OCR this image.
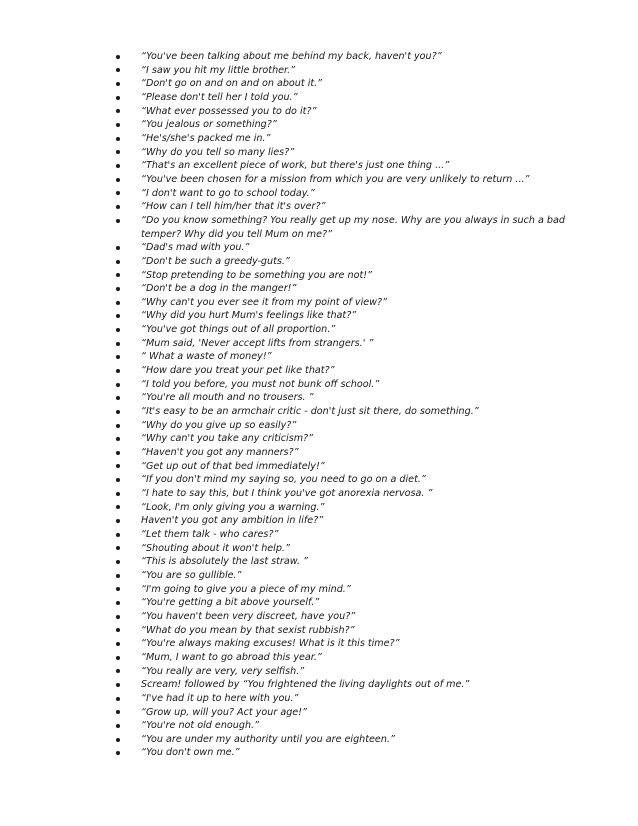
“You've been talking about me behind my back, haven't you?”
“I saw you hit my little brother.”
“Don't go on and on and on about it.”
“Please don't tell her I told you.”
“What ever possessed you to do it?”
“You jealous or something?”
“He's/she's packed me in.”
“Why do you tell so many lies?”
“That's an excellent piece of work, but there's just one thing ...”
“You've been chosen for a mission from which you are very unlikely to return ...”
“I don't want to go to school today.”
“How can I tell him/her that it's over?”
“Do you know something? You really get up my nose. Why are you always in such a bad temper? Why did you tell Mum on me?”
“Dad's mad with you.”
“Don't be such a greedy-guts.”
“Stop pretending to be something you are not!”
“Don't be a dog in the manger!”
“Why can't you ever see it from my point of view?”
“Why did you hurt Mum's feelings like that?”
“You've got things out of all proportion.”
“Mum said, 'Never accept lifts from strangers.' ”
“ What a waste of money!”
“How dare you treat your pet like that?”
“I told you before, you must not bunk off school.”
“You're all mouth and no trousers. ”
“It's easy to be an armchair critic - don't just sit there, do something.”
“Why do you give up so easily?”
“Why can't you take any criticism?”
“Haven't you got any manners?”
“Get up out of that bed immediately!”
“If you don't mind my saying so, you need to go on a diet.”
“I hate to say this, but I think you've got anorexia nervosa. ”
“Look, I'm only giving you a warning.”
Haven't you got any ambition in life?”
“Let them talk - who cares?”
“Shouting about it won't help.”
“This is absolutely the last straw. ”
“You are so gullible.”
“I'm going to give you a piece of my mind.”
“You're getting a bit above yourself.”
“You haven't been very discreet, have you?”
“What do you mean by that sexist rubbish?”
“You're always making excuses! What is it this time?”
“Mum, I want to go abroad this year.”
“You really are very, very selfish.”
Scream! followed by “You frightened the living daylights out of me.”
“I've had it up to here with you.”
“Grow up, will you? Act your age!”
“You're not old enough.”
“You are under my authority until you are eighteen.”
“You don't own me.”
